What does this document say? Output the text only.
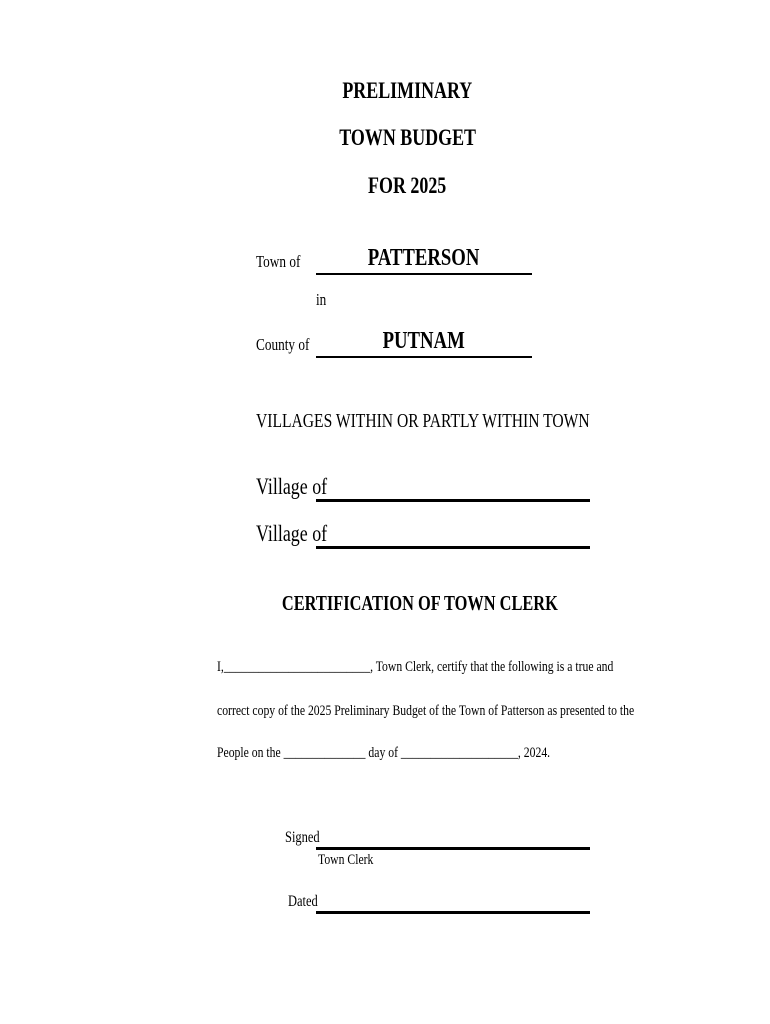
PRELIMINARY
TOWN BUDGET
FOR 2025
Town of	PATTERSON
in
County of	PUTNAM
VILLAGES WITHIN OR PARTLY WITHIN TOWN
Village of
Village of
CERTIFICATION OF TOWN CLERK
I,_________________________, Town Clerk, certify that the following is a true and
correct copy of the 2025 Preliminary Budget of the Town of Patterson as presented to the
People on the ______________ day of ____________________, 2024.
Signed
Town Clerk
Dated
